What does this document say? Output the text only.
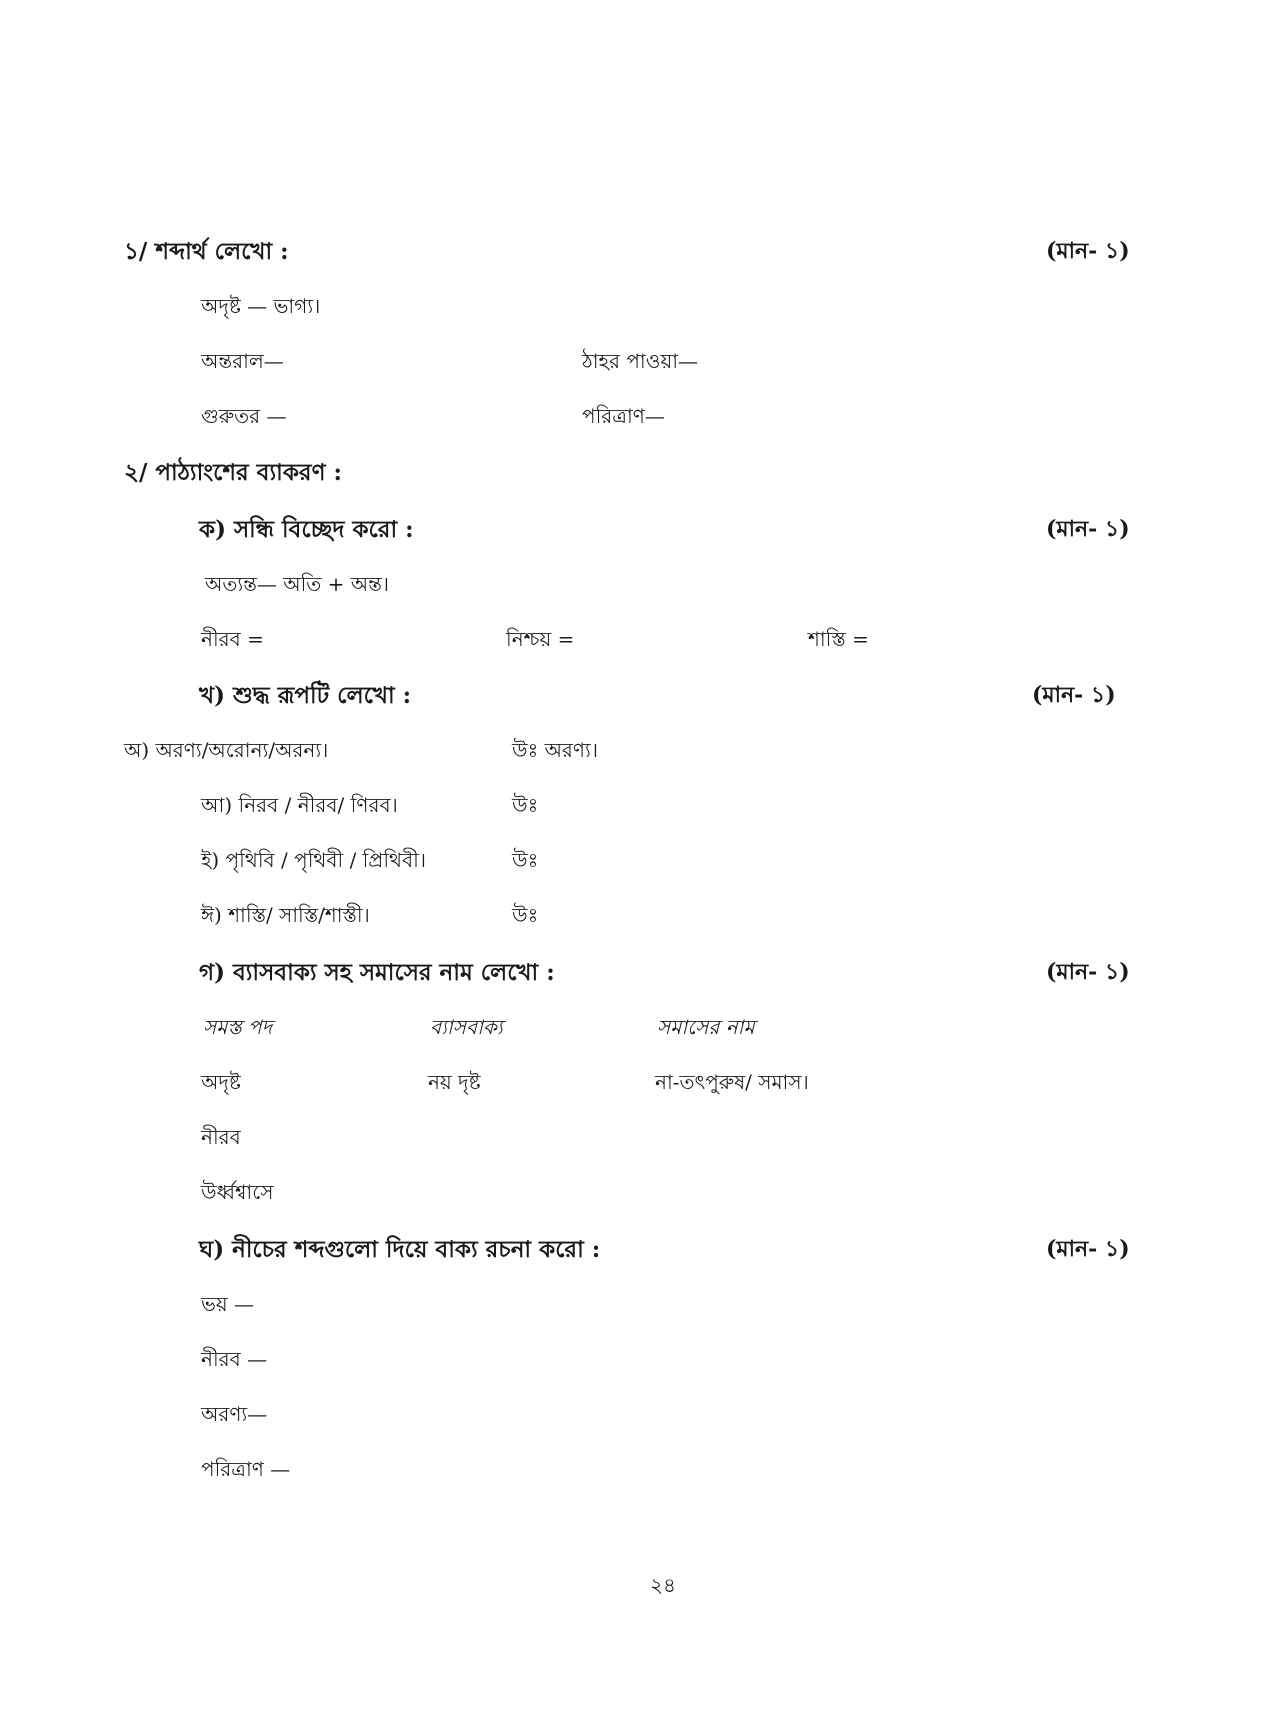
১/ শব্দার্থ লেখো :	(মান- ১)
অদৃষ্ট — ভাগ্য।
অন্তরাল—	ঠাহর পাওয়া—
গুরুতর —	পরিত্রাণ—
২/ পাঠ্যাংশের ব্যাকরণ :
ক) সন্ধি বিচ্ছেদ করো :	(মান- ১)
অত্যন্ত— অতি + অন্ত।
নীরব =	নিশ্চয় =	শাস্তি =
খ) শুদ্ধ রূপটি লেখো :	(মান- ১)
অ) অরণ্য/অরোন্য/অরন্য।	উঃ অরণ্য।
আ) নিরব / নীরব/ ণিরব।	উঃ
ই) পৃথিবি / পৃথিবী / প্রিথিবী।	উঃ
ঈ) শাস্তি/ সাস্তি/শাস্তী।	উঃ
গ) ব্যাসবাক্য সহ সমাসের নাম লেখো :	(মান- ১)
সমস্ত পদ	ব্যাসবাক্য	সমাসের নাম
অদৃষ্ট	নয় দৃষ্ট	না-তৎপুরুষ/ সমাস।
নীরব
উর্ধ্বশ্বাসে
ঘ) নীচের শব্দগুলো দিয়ে বাক্য রচনা করো :	(মান- ১)
ভয় —
নীরব —
অরণ্য—
পরিত্রাণ —
২৪
